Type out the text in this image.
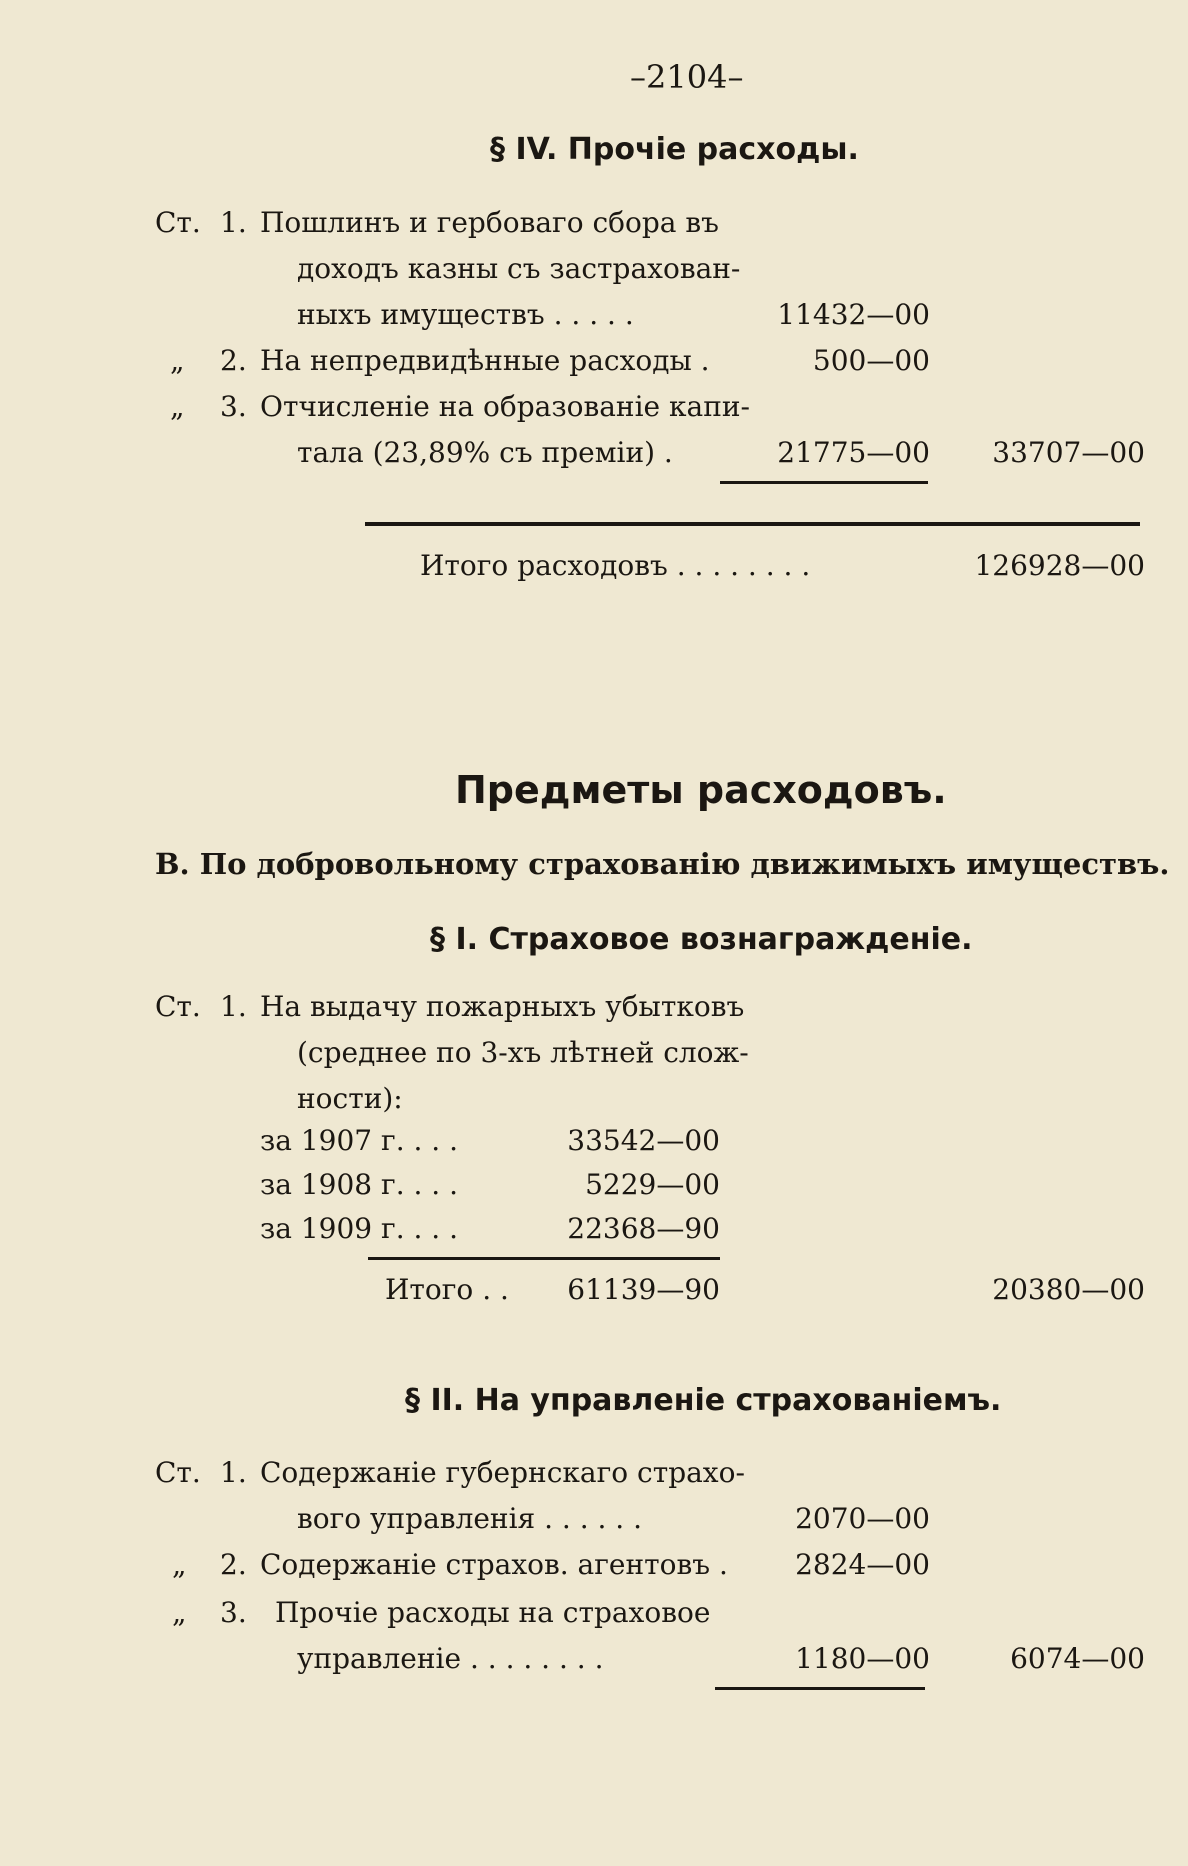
–2104–
§ IV. Прочіе расходы.
Ст. 1. Пошлинъ и гербоваго сбора въ
доходъ казны съ застрахован-
ныхъ имуществъ . . . . .	11432—00
„ 2. На непредвидѣнные расходы .	500—00
„ 3. Отчисленіе на образованіе капи-
тала (23,89% съ преміи) .	21775—00	33707—00
Итого расходовъ . . . . . . . .	126928—00
Предметы расходовъ.
В. По добровольному страхованію движимыхъ имуществъ.
§ I. Страховое вознагражденіе.
Ст. 1. На выдачу пожарныхъ убытковъ
(среднее по 3-хъ лѣтней слож-
ности):
за 1907 г. . . .	33542—00
за 1908 г. . . .	5229—00
за 1909 г. . . .	22368—90
Итого . .	61139—90	20380—00
§ II. На управленіе страхованіемъ.
Ст. 1. Содержаніе губернскаго страхо-
вого управленія . . . . . .	2070—00
„ 2. Содержаніе страхов. агентовъ .	2824—00
„ 3. Прочіе расходы на страховое
управленіе . . . . . . . .	1180—00	6074—00
